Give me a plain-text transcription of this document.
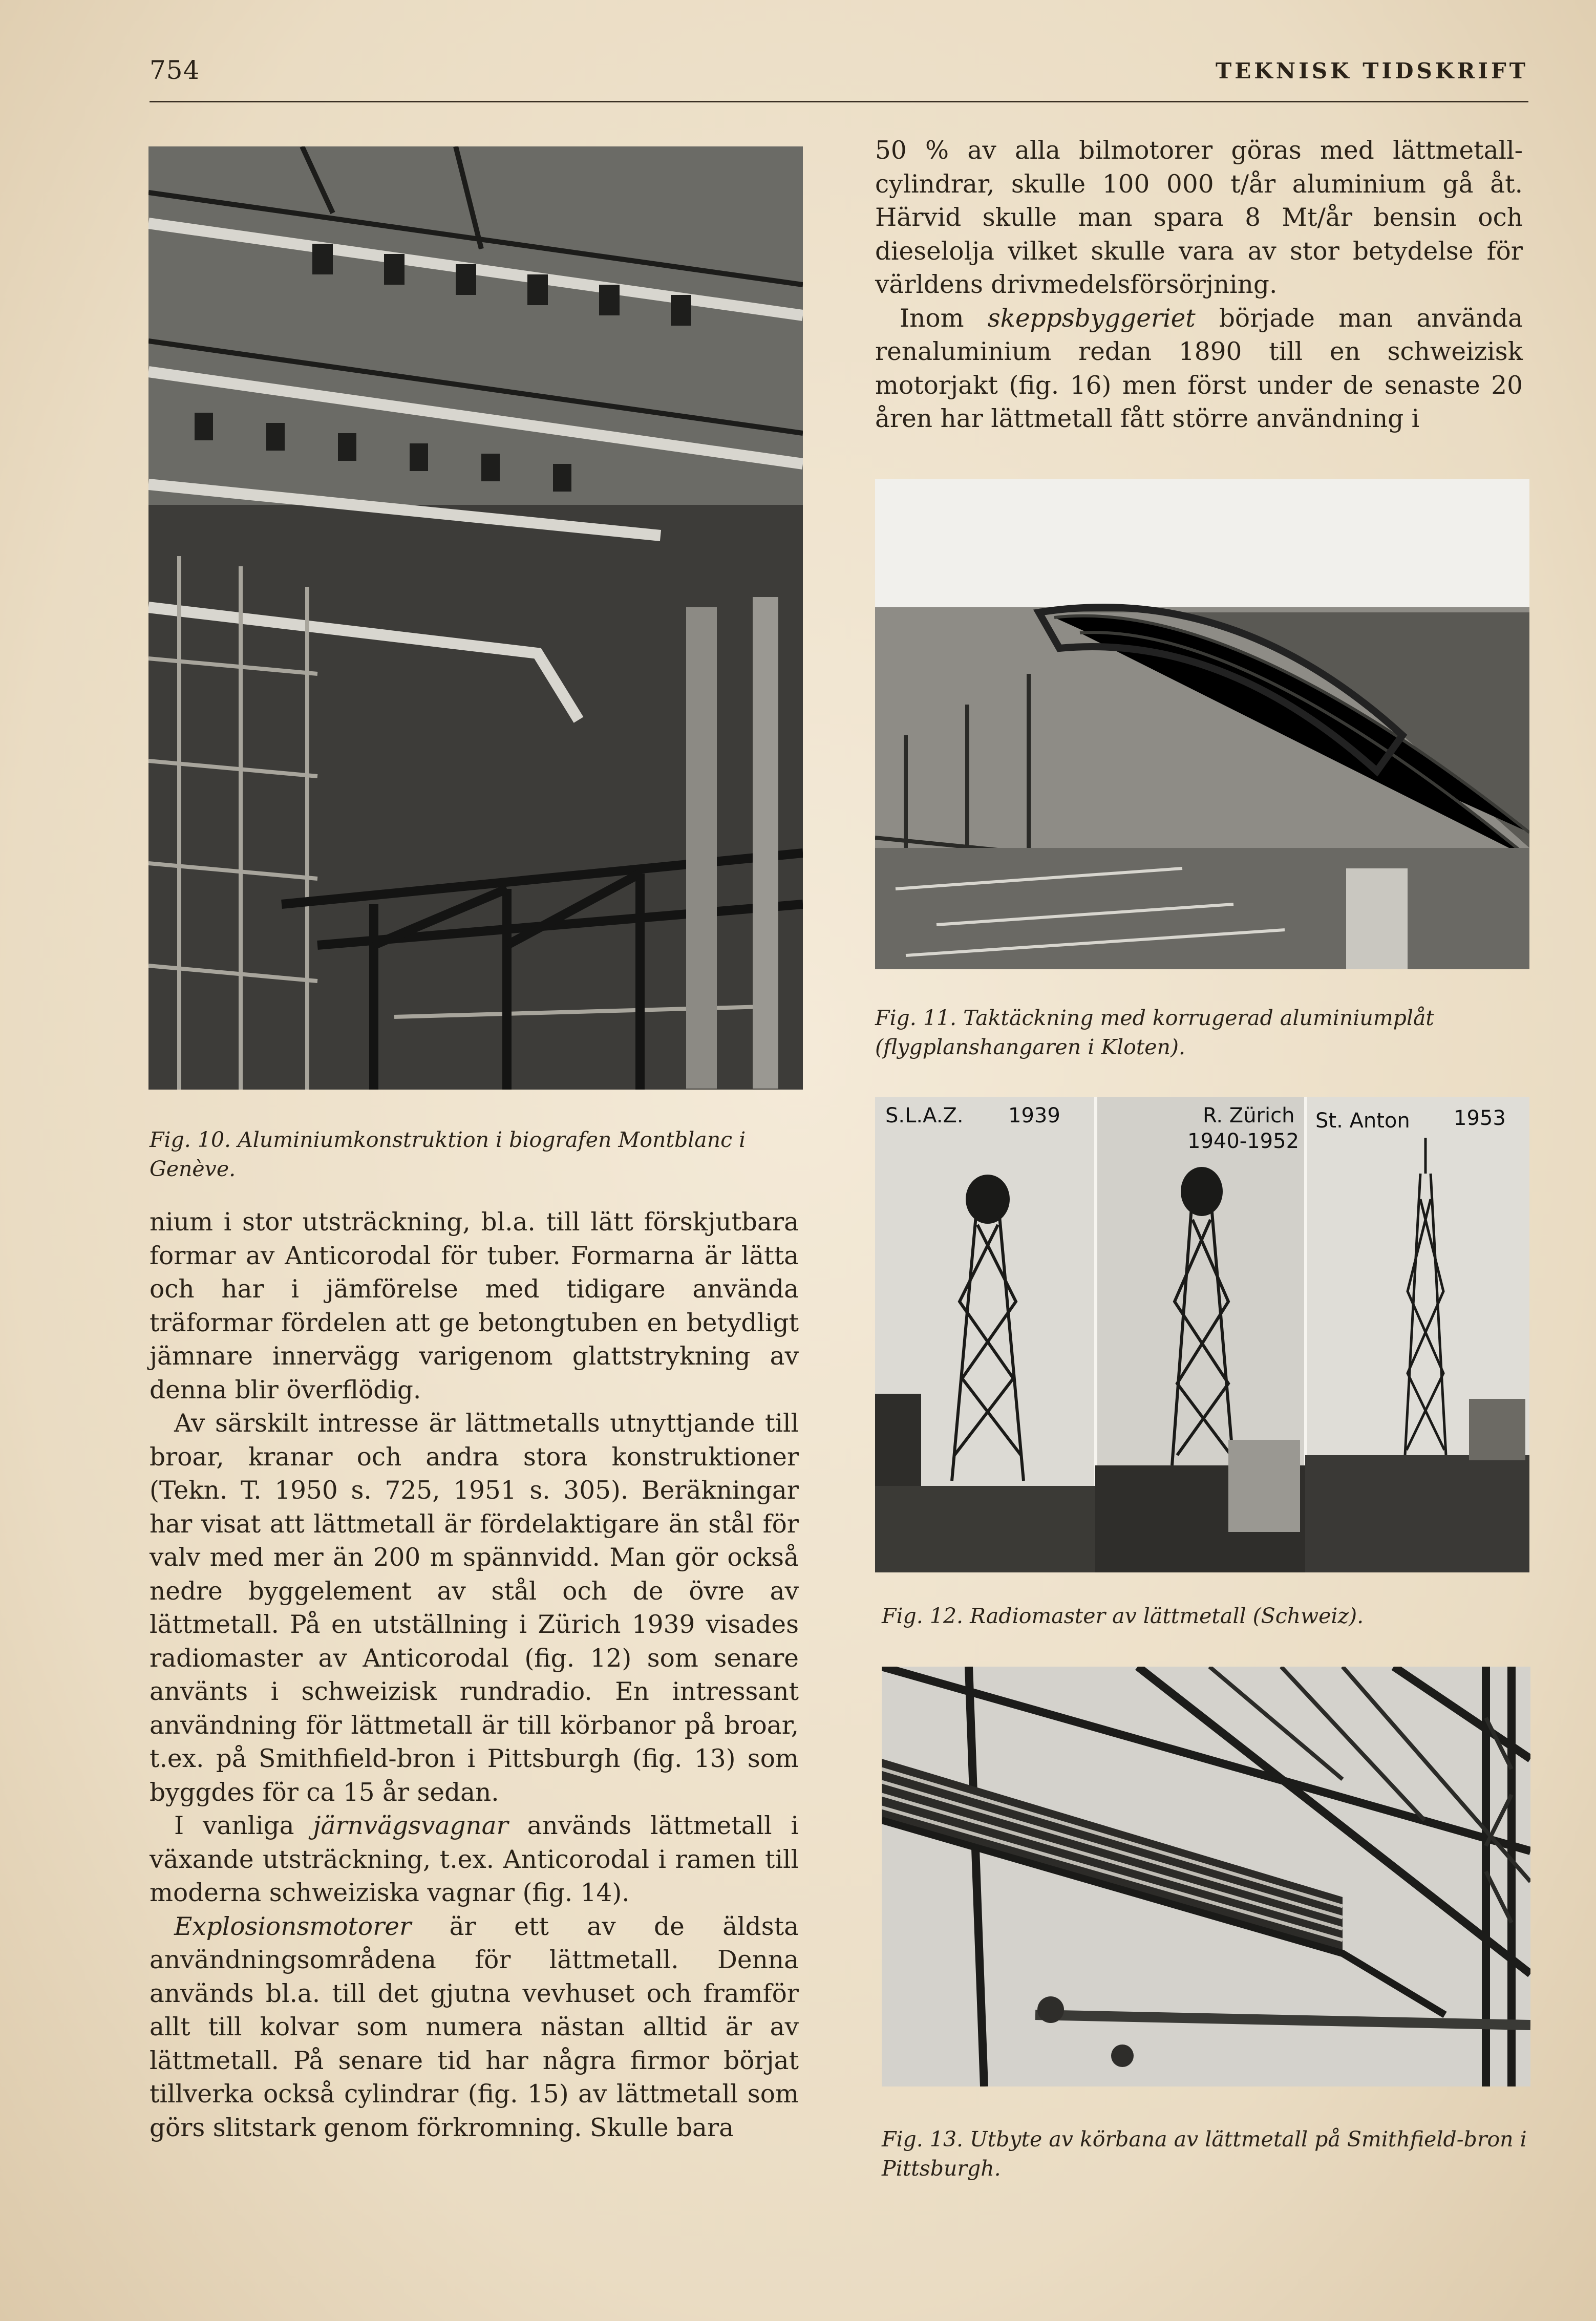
754	TEKNISK TIDSKRIFT
Fig. 10. Aluminiumkonstruktion i biografen Montblanc i Genève.

50 % av alla bilmotorer göras med lättmetall-cylindrar, skulle 100 000 t/år aluminium gå åt. Härvid skulle man spara 8 Mt/år bensin och dieselolja vilket skulle vara av stor betydelse för världens drivmedelsförsörjning.

Inom skeppsbyggeriet började man använda renaluminium redan 1890 till en schweizisk motorjakt (fig. 16) men först under de senaste 20 åren har lättmetall fått större användning i

Fig. 11. Taktäckning med korrugerad aluminiumplåt (flygplanshangaren i Kloten).
S.L.A.Z. 1939	R. Zürich
1940-1952
St. Anton 1953
Fig. 12. Radiomaster av lättmetall (Schweiz).
Fig. 13. Utbyte av körbana av lättmetall på Smithfield-bron i Pittsburgh.

nium i stor utsträckning, bl.a. till lätt förskjutbara formar av Anticorodal för tuber. Formarna är lätta och har i jämförelse med tidigare använda träformar fördelen att ge betongtuben en betydligt jämnare innervägg varigenom glattstrykning av denna blir överflödig.

Av särskilt intresse är lättmetalls utnyttjande till broar, kranar och andra stora konstruktioner (Tekn. T. 1950 s. 725, 1951 s. 305). Beräkningar har visat att lättmetall är fördelaktigare än stål för valv med mer än 200 m spännvidd. Man gör också nedre byggelement av stål och de övre av lättmetall. På en utställning i Zürich 1939 visades radiomaster av Anticorodal (fig. 12) som senare använts i schweizisk rundradio. En intressant användning för lättmetall är till körbanor på broar, t.ex. på Smithfield-bron i Pittsburgh (fig. 13) som byggdes för ca 15 år sedan.

I vanliga järnvägsvagnar används lättmetall i växande utsträckning, t.ex. Anticorodal i ramen till moderna schweiziska vagnar (fig. 14).

Explosionsmotorer är ett av de äldsta användningsområdena för lättmetall. Denna används bl.a. till det gjutna vevhuset och framför allt till kolvar som numera nästan alltid är av lättmetall. På senare tid har några firmor börjat tillverka också cylindrar (fig. 15) av lättmetall som görs slitstark genom förkromning. Skulle bara
